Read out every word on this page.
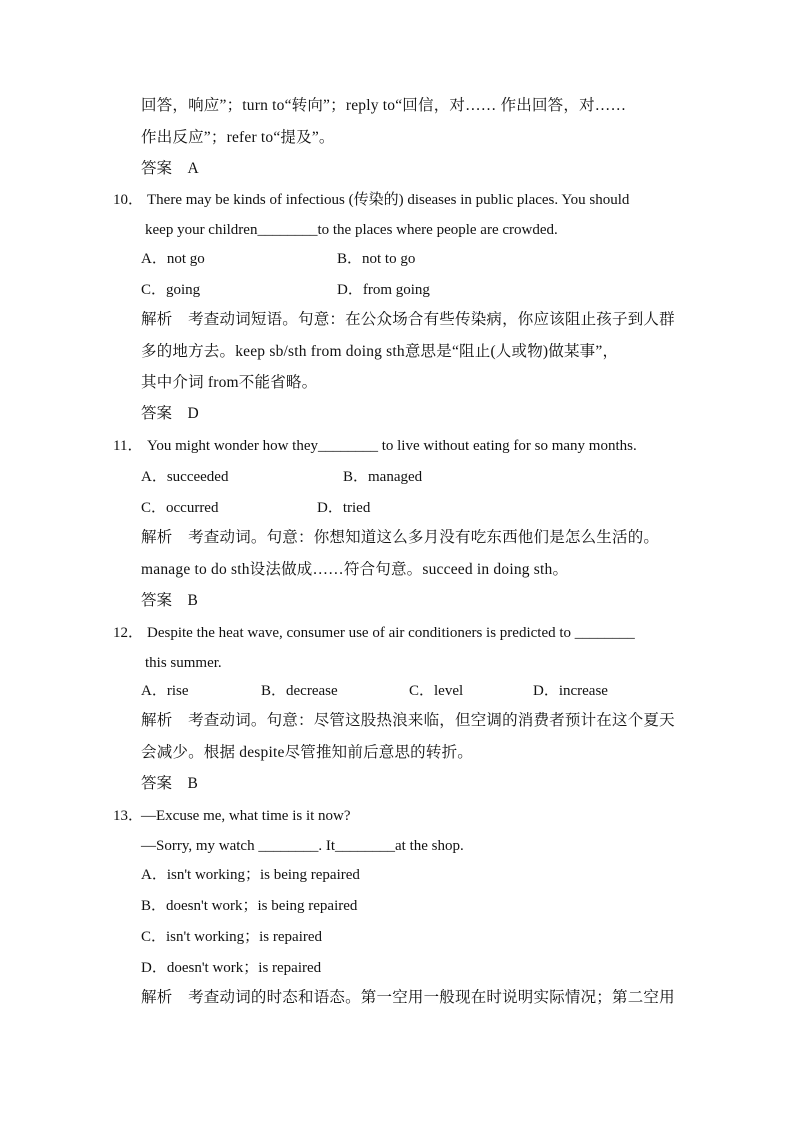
回答，响应”；turn to“转向”；reply to“回信，对…… 作出回答，对……
作出反应”；refer to“提及”。
答案　A
10． There may be kinds of infectious (传染的) diseases in public places. You should
keep your children________to the places where people are crowded.
A．not go	B．not to go
C．going	D．from going
解析　考查动词短语。句意：在公众场合有些传染病，你应该阻止孩子到人群
多的地方去。keep sb/sth from doing sth意思是“阻止(人或物)做某事”，
其中介词 from不能省略。
答案　D
11． You might wonder how they________ to live without eating for so many months.
A．succeeded	B．managed
C．occurred	D．tried
解析　考查动词。句意：你想知道这么多月没有吃东西他们是怎么生活的。
manage to do sth设法做成……符合句意。succeed in doing sth。
答案　B
12． Despite the heat wave, consumer use of air conditioners is predicted to ________
this summer.
A．rise	B．decrease	C．level	D．increase
解析　考查动词。句意：尽管这股热浪来临，但空调的消费者预计在这个夏天
会减少。根据 despite尽管推知前后意思的转折。
答案　B
13．
—Excuse me, what time is it now?
—Sorry, my watch ________. It________at the shop.
A．isn't working；is being repaired
B．doesn't work；is being repaired
C．isn't working；is repaired
D．doesn't work；is repaired
解析　考查动词的时态和语态。第一空用一般现在时说明实际情况；第二空用
